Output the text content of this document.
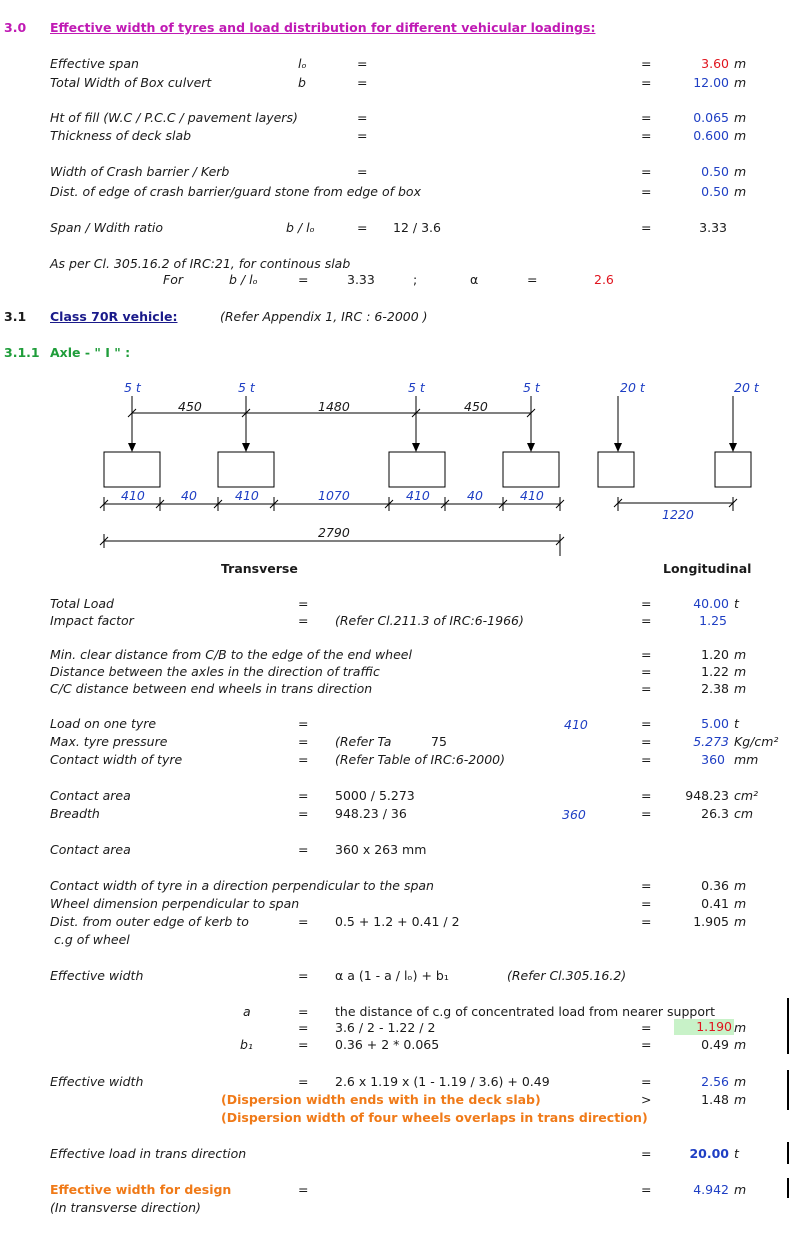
3.0 Effective width of tyres and load distribution for different vehicular loadings:
Effective span	lₒ	=	=	3.60 m
Total Width of Box culvert	b	=	=	12.00 m
Ht of fill (W.C / P.C.C / pavement layers)	=	=	0.065 m
Thickness of deck slab	=	=	0.600 m
Width of Crash barrier / Kerb	=	=	0.50 m
Dist. of edge of crash barrier/guard stone from edge of box	=	0.50 m
Span / Wdith ratio	b / lₒ	= 12 / 3.6	=	3.33
As per Cl. 305.16.2 of IRC:21, for continous slab
For	b / lₒ	=	3.33	;	α	=	2.6
3.1 Class 70R vehicle:	(Refer Appendix 1, IRC : 6-2000 )
3.1.1 Axle - " I " :
5 t	5 t	5 t	5 t	20 t	20 t
450	1480	450
410	40	410	1070	410	40	410
2790
1220
Transverse	Longitudinal
Total Load	=	=	40.00 t
Impact factor	= (Refer Cl.211.3 of IRC:6-1966)	=	1.25
Min. clear distance from C/B to the edge of the end wheel	=	1.20 m
Distance between the axles in the direction of traffic	=	1.22 m
C/C distance between end wheels in trans direction	=	2.38 m
Load on one tyre	=	=	5.00 t
410
Max. tyre pressure	= (Refer Ta	75	=	5.273 Kg/cm²
Contact width of tyre	= (Refer Table of IRC:6-2000)	=	360 mm
Contact area	= 5000 / 5.273	=	948.23 cm²
Breadth	= 948.23 / 36	360	=	26.3 cm
Contact area	= 360 x 263 mm
Contact width of tyre in a direction perpendicular to the span	=	0.36 m
Wheel dimension perpendicular to span	=	0.41 m
Dist. from outer edge of kerb to	= 0.5 + 1.2 + 0.41 / 2	=	1.905 m
c.g of wheel
Effective width	= α a (1 - a / lₒ) + b₁	(Refer Cl.305.16.2)
a	= the distance of c.g of concentrated load from nearer support
= 3.6 / 2 - 1.22 / 2	=	1.190 m
b₁	= 0.36 + 2 * 0.065	=	0.49 m
Effective width	= 2.6 x 1.19 x (1 - 1.19 / 3.6) + 0.49	=	2.56 m
(Dispersion width ends with in the deck slab)	>	1.48 m
(Dispersion width of four wheels overlaps in trans direction)
Effective load in trans direction	=	20.00 t
Effective width for design	=	=	4.942 m
(In transverse direction)
